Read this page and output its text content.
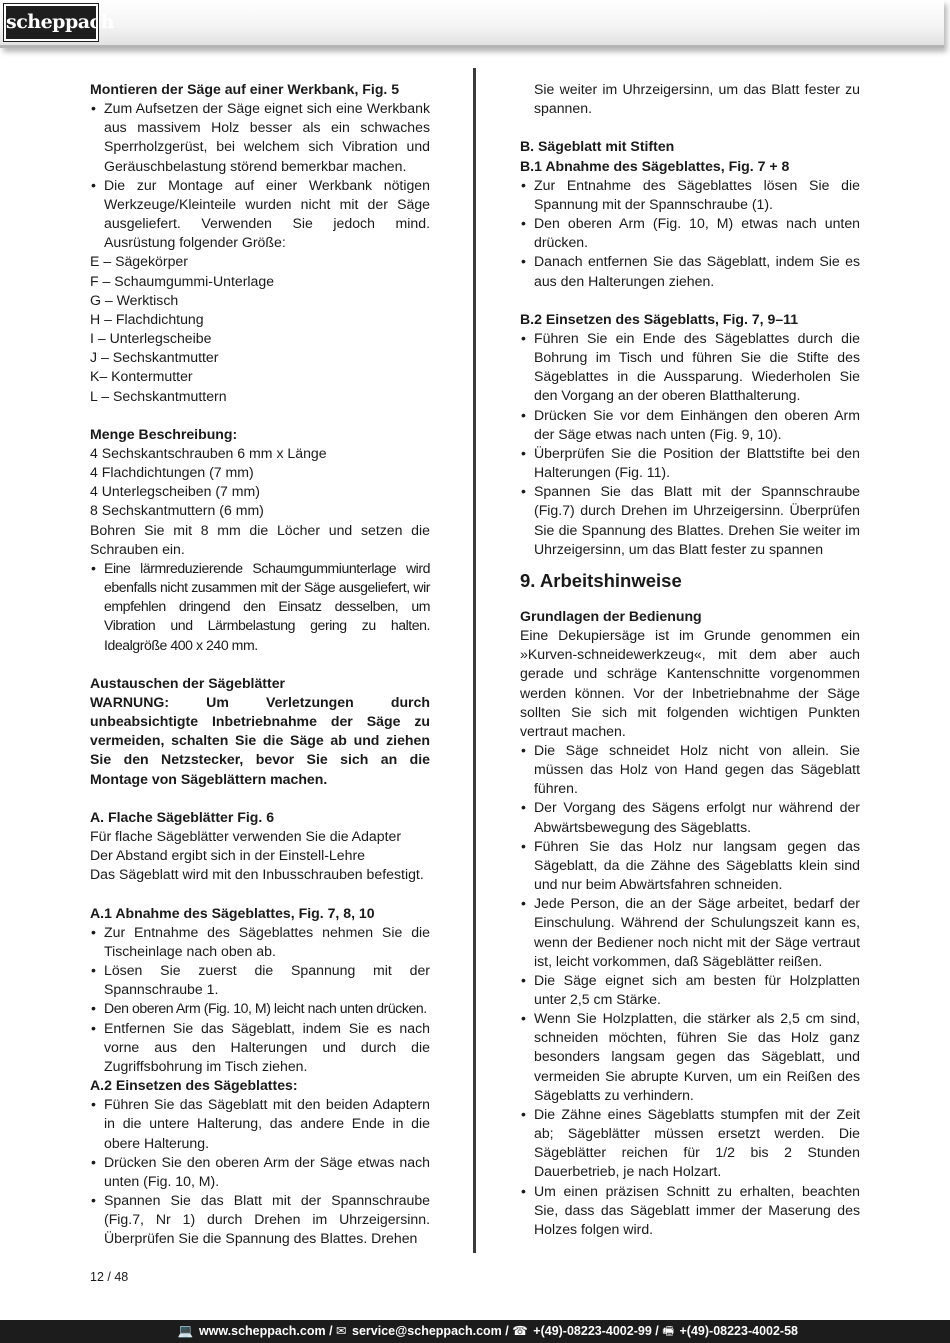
scheppach
Montieren der Säge auf einer Werkbank, Fig. 5
• Zum Aufsetzen der Säge eignet sich eine Werkbank aus massivem Holz besser als ein schwaches Sperrholzgerüst, bei welchem sich Vibration und Geräuschbelastung störend bemerkbar machen.
• Die zur Montage auf einer Werkbank nötigen Werkzeuge/Kleinteile wurden nicht mit der Säge ausgeliefert. Verwenden Sie jedoch mind. Ausrüstung folgender Größe:
E – Sägekörper
F – Schaumgummi-Unterlage
G – Werktisch
H – Flachdichtung
I – Unterlegscheibe
J – Sechskantmutter
K– Kontermutter
L – Sechskantmuttern
Menge Beschreibung:
4 Sechskantschrauben 6 mm x Länge
4 Flachdichtungen (7 mm)
4 Unterlegscheiben (7 mm)
8 Sechskantmuttern (6 mm)
Bohren Sie mit 8 mm die Löcher und setzen die Schrauben ein.
• Eine lärmreduzierende Schaumgummiunterlage wird ebenfalls nicht zusammen mit der Säge ausgeliefert, wir empfehlen dringend den Einsatz desselben, um Vibration und Lärmbelastung gering zu halten. Idealgröße 400 x 240 mm.
Austauschen der Sägeblätter
WARNUNG: Um Verletzungen durch unbeabsichtigte Inbetriebnahme der Säge zu vermeiden, schalten Sie die Säge ab und ziehen Sie den Netzstecker, bevor Sie sich an die Montage von Sägeblättern machen.
A. Flache Sägeblätter Fig. 6
Für flache Sägeblätter verwenden Sie die Adapter
Der Abstand ergibt sich in der Einstell-Lehre
Das Sägeblatt wird mit den Inbusschrauben befestigt.
A.1 Abnahme des Sägeblattes, Fig. 7, 8, 10
• Zur Entnahme des Sägeblattes nehmen Sie die Tischeinlage nach oben ab.
• Lösen Sie zuerst die Spannung mit der Spannschraube 1.
• Den oberen Arm (Fig. 10, M) leicht nach unten drücken.
• Entfernen Sie das Sägeblatt, indem Sie es nach vorne aus den Halterungen und durch die Zugriffsbohrung im Tisch ziehen.
A.2 Einsetzen des Sägeblattes:
• Führen Sie das Sägeblatt mit den beiden Adaptern in die untere Halterung, das andere Ende in die obere Halterung.
• Drücken Sie den oberen Arm der Säge etwas nach unten (Fig. 10, M).
• Spannen Sie das Blatt mit der Spannschraube (Fig.7, Nr 1) durch Drehen im Uhrzeigersinn. Überprüfen Sie die Spannung des Blattes. Drehen
Sie weiter im Uhrzeigersinn, um das Blatt fester zu spannen.
B. Sägeblatt mit Stiften
B.1 Abnahme des Sägeblattes, Fig. 7 + 8
• Zur Entnahme des Sägeblattes lösen Sie die Spannung mit der Spannschraube (1).
• Den oberen Arm (Fig. 10, M) etwas nach unten drücken.
• Danach entfernen Sie das Sägeblatt, indem Sie es aus den Halterungen ziehen.
B.2 Einsetzen des Sägeblatts, Fig. 7, 9–11
• Führen Sie ein Ende des Sägeblattes durch die Bohrung im Tisch und führen Sie die Stifte des Sägeblattes in die Aussparung. Wiederholen Sie den Vorgang an der oberen Blatthalterung.
• Drücken Sie vor dem Einhängen den oberen Arm der Säge etwas nach unten (Fig. 9, 10).
• Überprüfen Sie die Position der Blattstifte bei den Halterungen (Fig. 11).
• Spannen Sie das Blatt mit der Spannschraube (Fig.7) durch Drehen im Uhrzeigersinn. Überprüfen Sie die Spannung des Blattes. Drehen Sie weiter im Uhrzeigersinn, um das Blatt fester zu spannen
9. Arbeitshinweise
Grundlagen der Bedienung
Eine Dekupiersäge ist im Grunde genommen ein »Kurven-schneidewerkzeug«, mit dem aber auch gerade und schräge Kantenschnitte vorgenommen werden können. Vor der Inbetriebnahme der Säge sollten Sie sich mit folgenden wichtigen Punkten vertraut machen.
• Die Säge schneidet Holz nicht von allein. Sie müssen das Holz von Hand gegen das Sägeblatt führen.
• Der Vorgang des Sägens erfolgt nur während der Abwärtsbewegung des Sägeblatts.
• Führen Sie das Holz nur langsam gegen das Sägeblatt, da die Zähne des Sägeblatts klein sind und nur beim Abwärtsfahren schneiden.
• Jede Person, die an der Säge arbeitet, bedarf der Einschulung. Während der Schulungszeit kann es, wenn der Bediener noch nicht mit der Säge vertraut ist, leicht vorkommen, daß Sägeblätter reißen.
• Die Säge eignet sich am besten für Holzplatten unter 2,5 cm Stärke.
• Wenn Sie Holzplatten, die stärker als 2,5 cm sind, schneiden möchten, führen Sie das Holz ganz besonders langsam gegen das Sägeblatt, und vermeiden Sie abrupte Kurven, um ein Reißen des Sägeblatts zu verhindern.
• Die Zähne eines Sägeblatts stumpfen mit der Zeit ab; Sägeblätter müssen ersetzt werden. Die Sägeblätter reichen für 1/2 bis 2 Stunden Dauerbetrieb, je nach Holzart.
• Um einen präzisen Schnitt zu erhalten, beachten Sie, dass das Sägeblatt immer der Maserung des Holzes folgen wird.
12 / 48
💻 www.scheppach.com / ✉ service@scheppach.com / ☎ +(49)-08223-4002-99 / 🖷 +(49)-08223-4002-58
